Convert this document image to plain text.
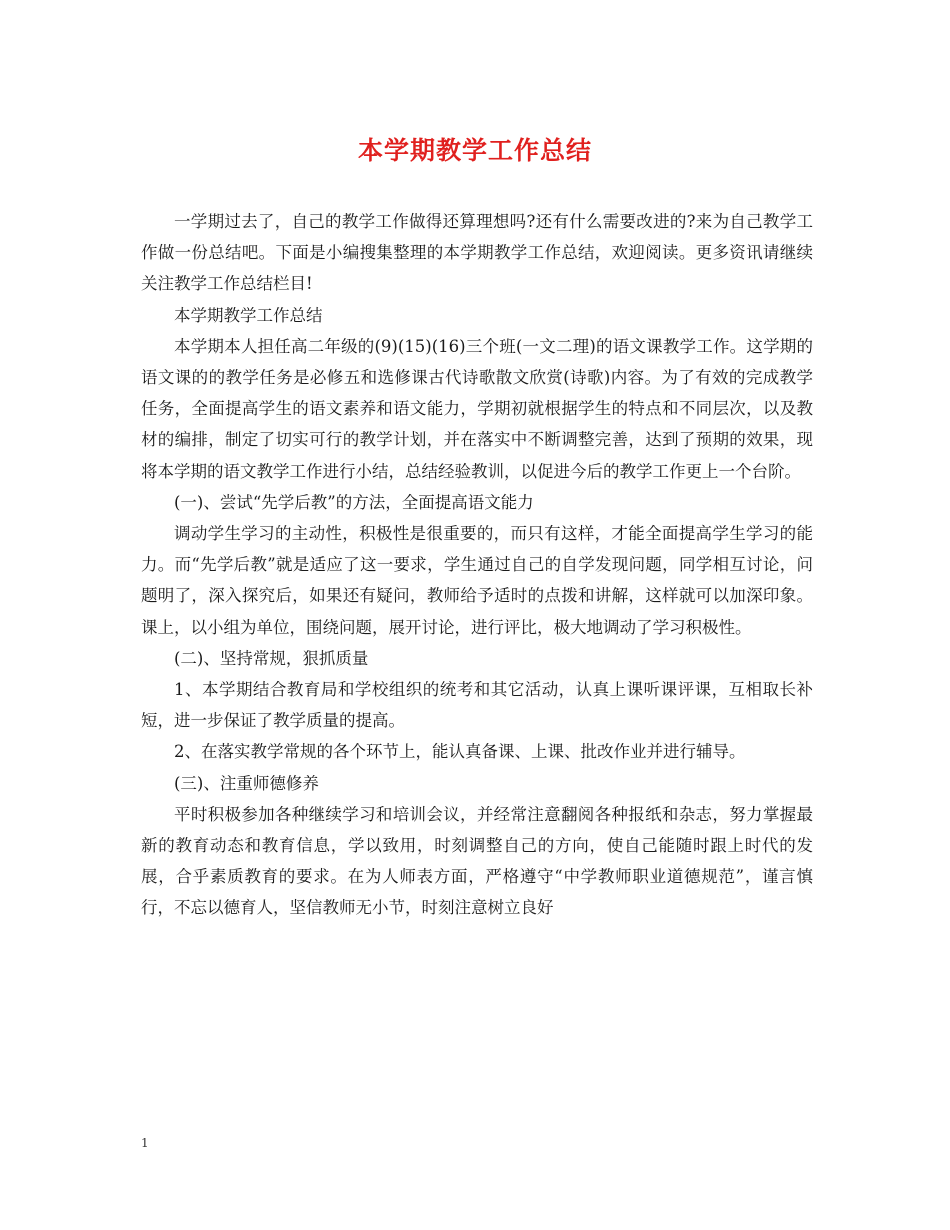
本学期教学工作总结

一学期过去了，自己的教学工作做得还算理想吗?还有什么需要改进的?来为自己教学工作做一份总结吧。下面是小编搜集整理的本学期教学工作总结，欢迎阅读。更多资讯请继续关注教学工作总结栏目!

本学期教学工作总结

本学期本人担任高二年级的(9)(15)(16)三个班(一文二理)的语文课教学工作。这学期的语文课的的教学任务是必修五和选修课古代诗歌散文欣赏(诗歌)内容。为了有效的完成教学任务，全面提高学生的语文素养和语文能力，学期初就根据学生的特点和不同层次，以及教材的编排，制定了切实可行的教学计划，并在落实中不断调整完善，达到了预期的效果，现将本学期的语文教学工作进行小结，总结经验教训，以促进今后的教学工作更上一个台阶。

(一)、尝试“先学后教”的方法，全面提高语文能力

调动学生学习的主动性，积极性是很重要的，而只有这样，才能全面提高学生学习的能力。而“先学后教”就是适应了这一要求，学生通过自己的自学发现问题，同学相互讨论，问题明了，深入探究后，如果还有疑问，教师给予适时的点拨和讲解，这样就可以加深印象。课上，以小组为单位，围绕问题，展开讨论，进行评比，极大地调动了学习积极性。

(二)、坚持常规，狠抓质量

1、本学期结合教育局和学校组织的统考和其它活动，认真上课听课评课，互相取长补短，进一步保证了教学质量的提高。

2、在落实教学常规的各个环节上，能认真备课、上课、批改作业并进行辅导。

(三)、注重师德修养

平时积极参加各种继续学习和培训会议，并经常注意翻阅各种报纸和杂志，努力掌握最新的教育动态和教育信息，学以致用，时刻调整自己的方向，使自己能随时跟上时代的发展，合乎素质教育的要求。在为人师表方面，严格遵守“中学教师职业道德规范”，谨言慎行，不忘以德育人，坚信教师无小节，时刻注意树立良好

1
